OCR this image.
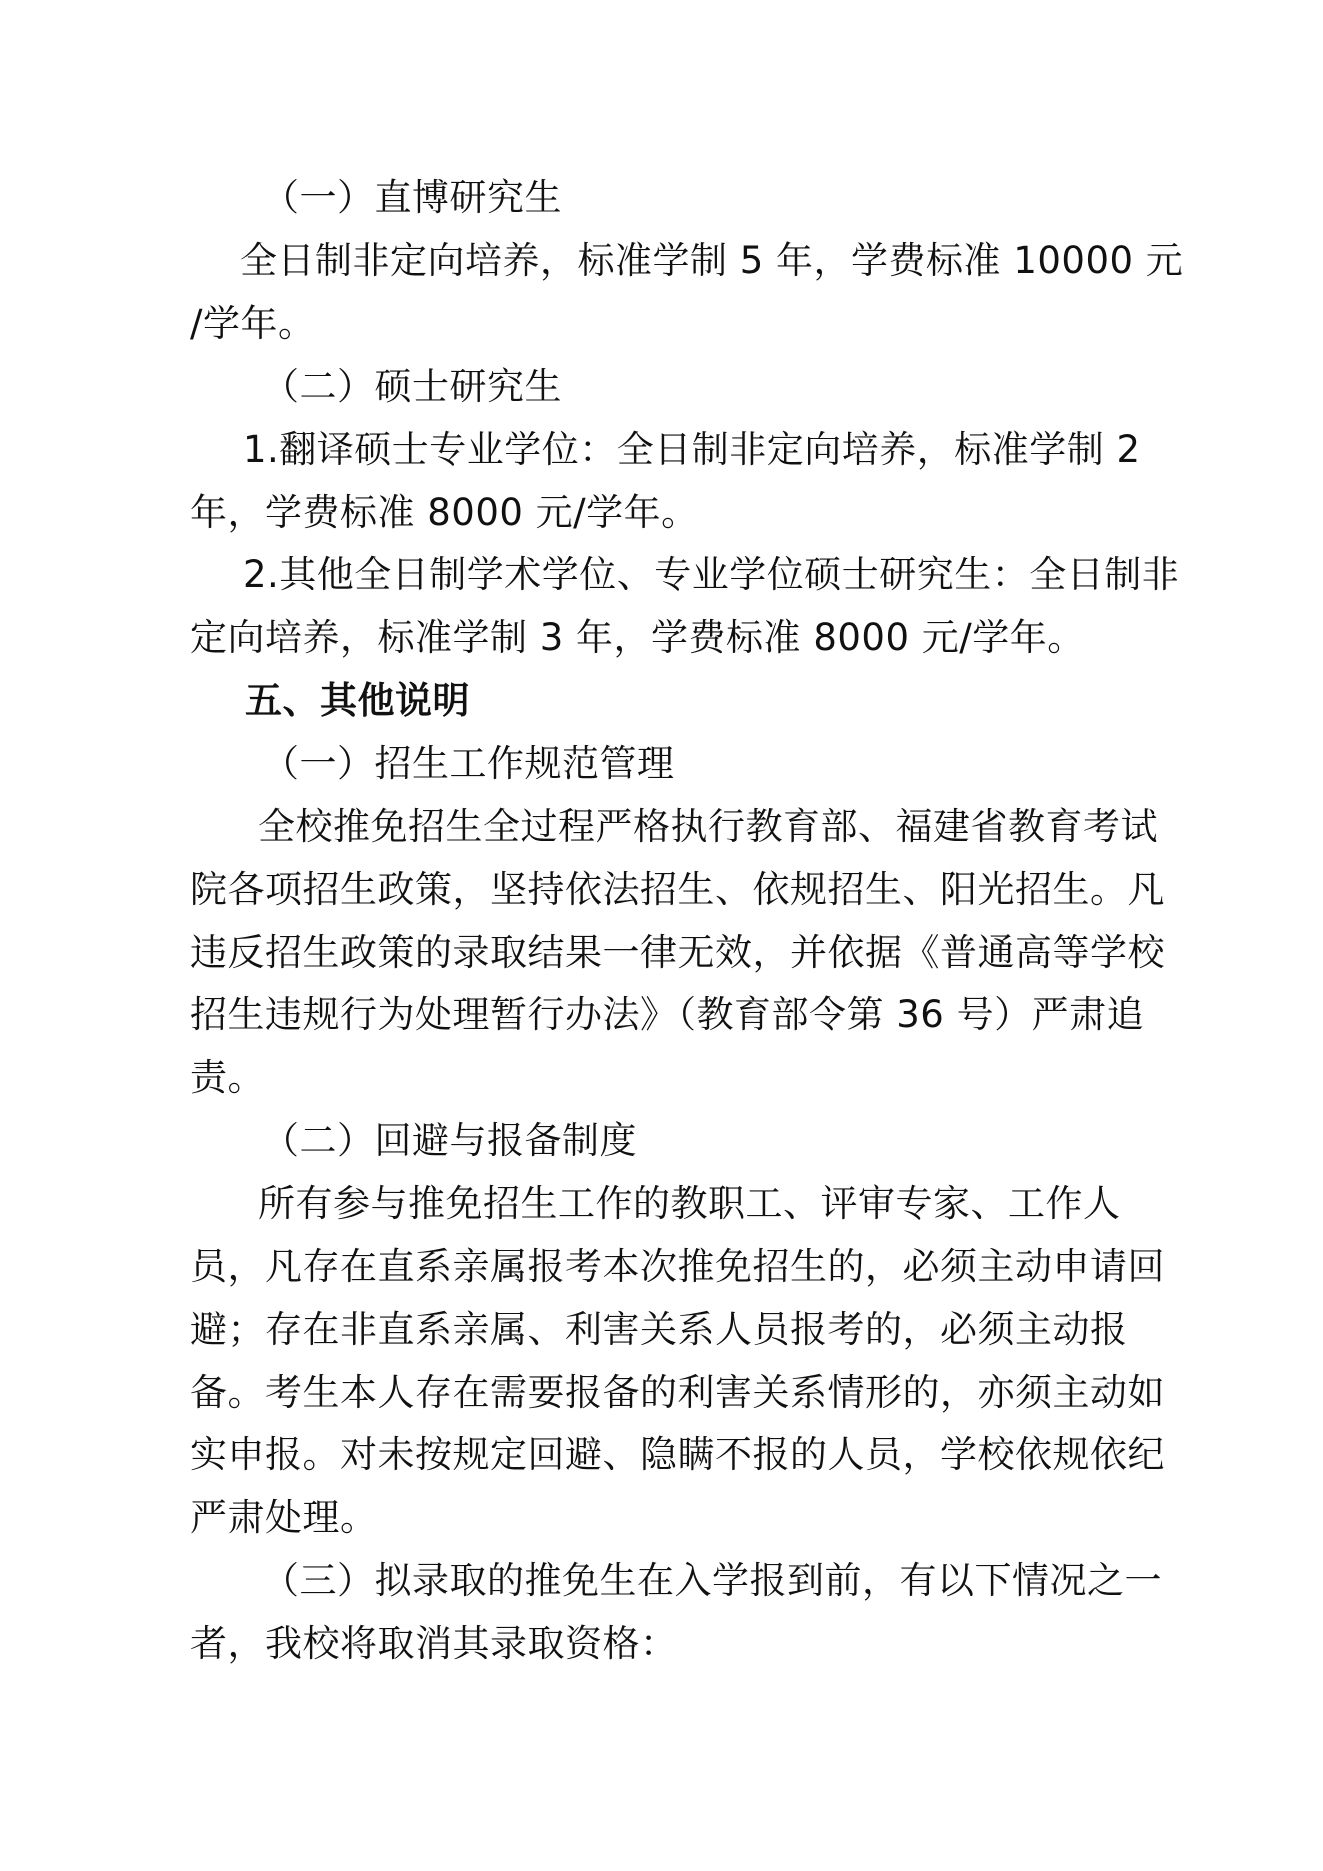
（一）直博研究生
全日制非定向培养，标准学制 5 年，学费标准 10000 元
/学年。
（二）硕士研究生
1.翻译硕士专业学位：全日制非定向培养，标准学制 2
年，学费标准 8000 元/学年。
2.其他全日制学术学位、专业学位硕士研究生：全日制非
定向培养，标准学制 3 年，学费标准 8000 元/学年。
五、其他说明
（一）招生工作规范管理
全校推免招生全过程严格执行教育部、福建省教育考试
院各项招生政策，坚持依法招生、依规招生、阳光招生。凡
违反招生政策的录取结果一律无效，并依据《普通高等学校
招生违规行为处理暂行办法》（教育部令第 36 号）严肃追
责。
（二）回避与报备制度
所有参与推免招生工作的教职工、评审专家、工作人
员，凡存在直系亲属报考本次推免招生的，必须主动申请回
避；存在非直系亲属、利害关系人员报考的，必须主动报
备。考生本人存在需要报备的利害关系情形的，亦须主动如
实申报。对未按规定回避、隐瞒不报的人员，学校依规依纪
严肃处理。
（三）拟录取的推免生在入学报到前，有以下情况之一
者，我校将取消其录取资格：
